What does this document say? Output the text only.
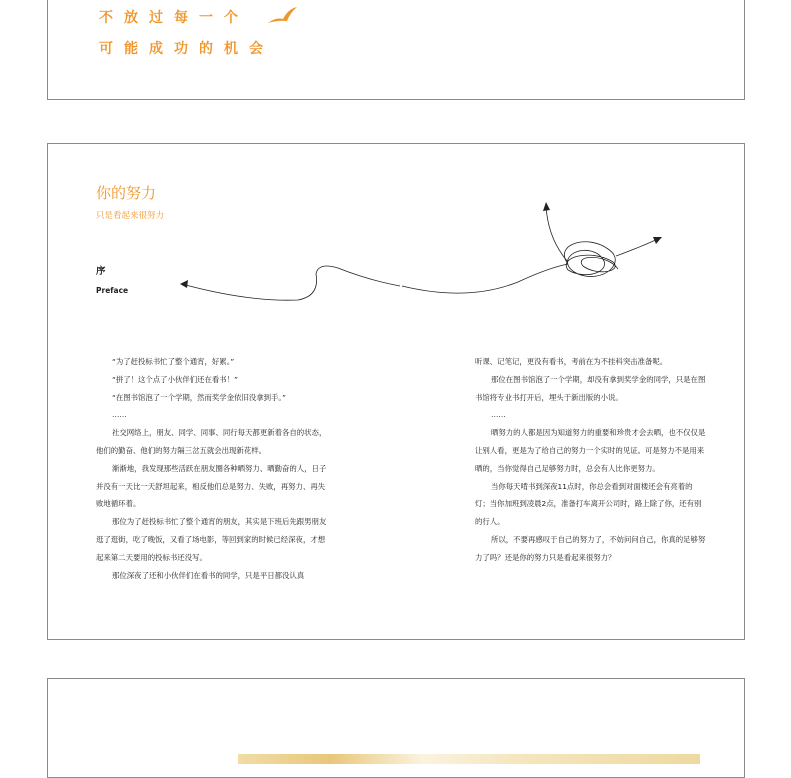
不放过每一个
可能成功的机会
你的努力
只是看起来很努力
序
Preface

“为了赶投标书忙了整个通宵，好累。”

“拼了！这个点了小伙伴们还在看书！”

“在图书馆泡了一个学期，然而奖学金依旧没拿到手。”

……

社交网络上，朋友、同学、同事、同行每天都更新着各自的状态，他们的勤奋、他们的努力隔三岔五就会出现新花样。

渐渐地，我发现那些活跃在朋友圈各种晒努力、晒勤奋的人，日子并没有一天比一天舒坦起来，相反他们总是努力、失败，再努力、再失败地循环着。

那位为了赶投标书忙了整个通宵的朋友，其实是下班后先跟男朋友逛了逛街，吃了晚饭，又看了场电影，等回到家的时候已经深夜，才想起来第二天要用的投标书还没写。

那位深夜了还和小伙伴们在看书的同学，只是平日都没认真

听课、记笔记，更没有看书，考前在为不挂科突击准备呢。

那位在图书馆泡了一个学期，却没有拿到奖学金的同学，只是在图书馆将专业书打开后，埋头于新出版的小说。

……

晒努力的人都是因为知道努力的重要和珍贵才会去晒，也不仅仅是让别人看，更是为了给自己的努力一个实时的见证。可是努力不是用来晒的，当你觉得自己足够努力时，总会有人比你更努力。

当你每天啃书到深夜11点时，你总会看到对面楼还会有亮着的灯；当你加班到凌晨2点，准备打车离开公司时，路上除了你，还有别的行人。

所以，不要再感叹于自己的努力了，不妨问问自己，你真的足够努力了吗？还是你的努力只是看起来很努力？
